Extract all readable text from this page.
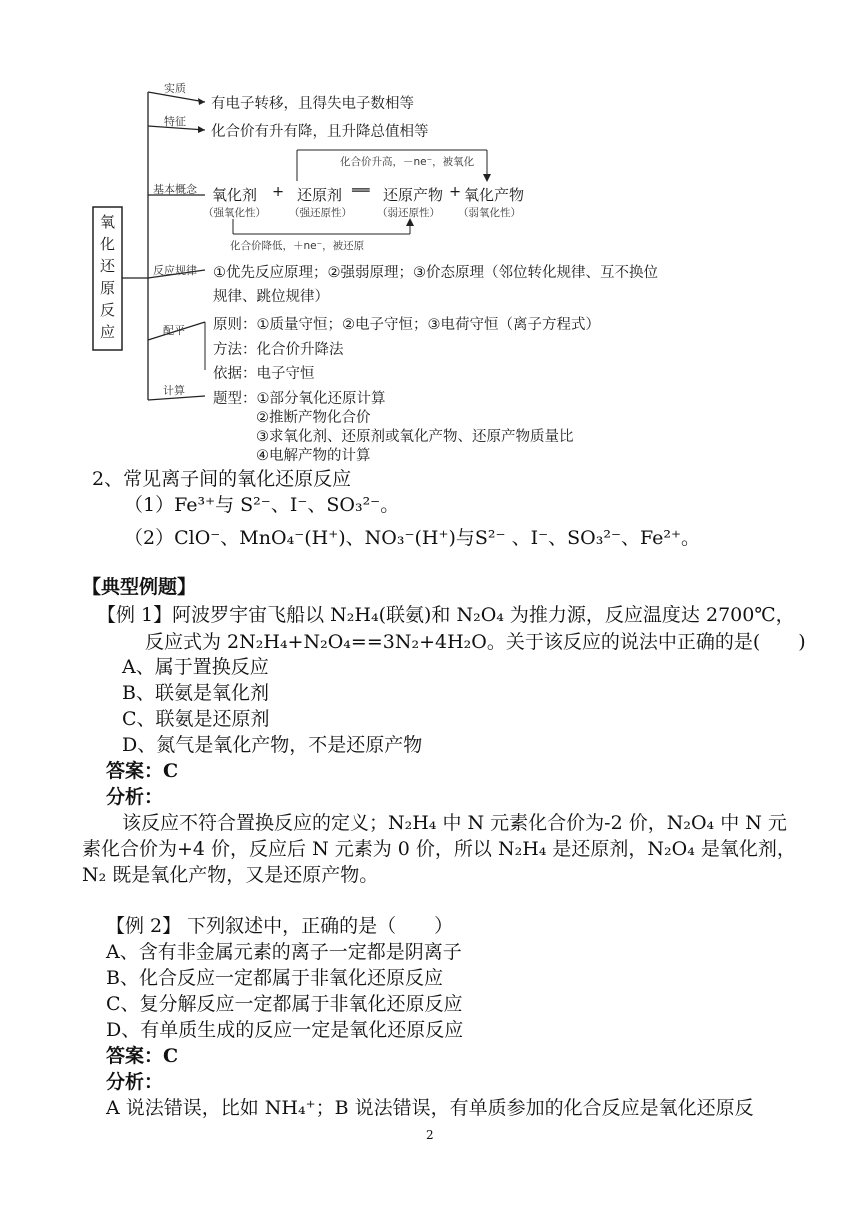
氧
化
还
原
反
应
实质
特征
基本概念
反应规律
配平
计算
有电子转移，且得失电子数相等
化合价有升有降，且升降总值相等
化合价升高，－ne⁻，被氧化
氧化剂 + 还原剂 ══ 还原产物 + 氧化产物
（强氧化性） （强还原性） （弱还原性） （弱氧化性）
化合价降低，＋ne⁻，被还原
①优先反应原理；②强弱原理；③价态原理（邻位转化规律、互不换位
规律、跳位规律）
原则：①质量守恒；②电子守恒；③电荷守恒（离子方程式）
方法：化合价升降法
依据：电子守恒
题型：①部分氧化还原计算
②推断产物化合价
③求氧化剂、还原剂或氧化产物、还原产物质量比
④电解产物的计算
2、常见离子间的氧化还原反应
（1）Fe³⁺与 S²⁻、I⁻、SO₃²⁻。
（2）ClO⁻、MnO₄⁻(H⁺)、NO₃⁻(H⁺)与S²⁻ 、I⁻、SO₃²⁻、Fe²⁺。
【典型例题】
【例 1】阿波罗宇宙飞船以 N₂H₄(联氨)和 N₂O₄ 为推力源，反应温度达 2700℃，
反应式为 2N₂H₄+N₂O₄==3N₂+4H₂O。关于该反应的说法中正确的是(　　)
A、属于置换反应
B、联氨是氧化剂
C、联氨是还原剂
D、氮气是氧化产物，不是还原产物
答案：C
分析：
该反应不符合置换反应的定义；N₂H₄ 中 N 元素化合价为-2 价，N₂O₄ 中 N 元
素化合价为+4 价，反应后 N 元素为 0 价，所以 N₂H₄ 是还原剂，N₂O₄ 是氧化剂，
N₂ 既是氧化产物，又是还原产物。
【例 2】 下列叙述中，正确的是（　　）
A、含有非金属元素的离子一定都是阴离子
B、化合反应一定都属于非氧化还原反应
C、复分解反应一定都属于非氧化还原反应
D、有单质生成的反应一定是氧化还原反应
答案：C
分析：
A 说法错误，比如 NH₄⁺；B 说法错误，有单质参加的化合反应是氧化还原反
2
